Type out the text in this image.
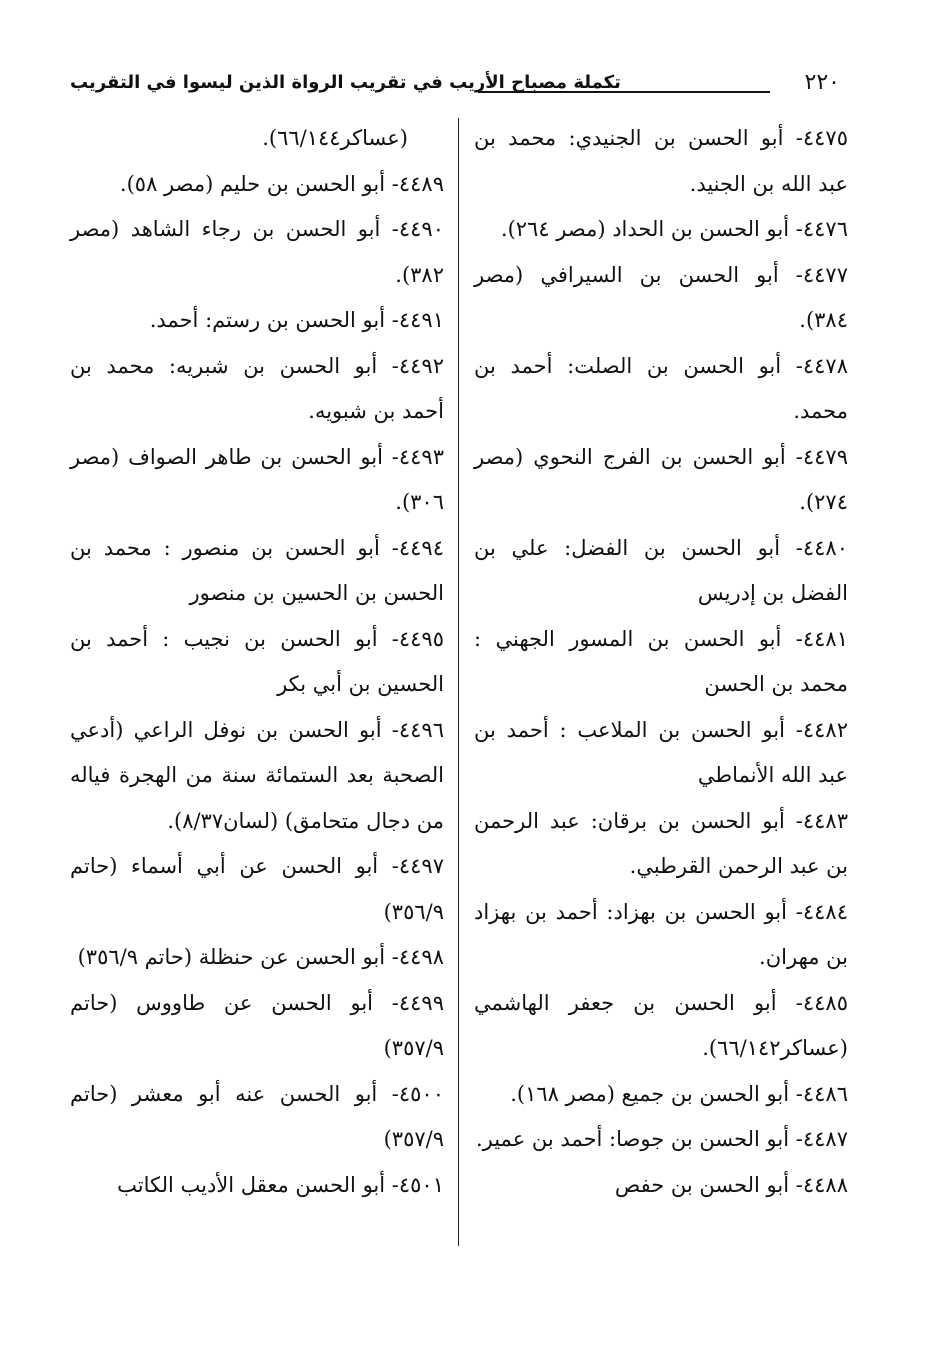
تكملة مصباح الأريب في تقريب الرواة الذين ليسوا في التقريب	٢٢٠

٤٤٧٥- أبو الحسن بن الجنيدي: محمد بن عبد الله بن الجنيد.

٤٤٧٦- أبو الحسن بن الحداد (مصر ٢٦٤).

٤٤٧٧- أبو الحسن بن السيرافي (مصر ٣٨٤).

٤٤٧٨- أبو الحسن بن الصلت: أحمد بن محمد.

٤٤٧٩- أبو الحسن بن الفرج النحوي (مصر ٢٧٤).

٤٤٨٠- أبو الحسن بن الفضل: علي بن الفضل بن إدريس

٤٤٨١- أبو الحسن بن المسور الجهني : محمد بن الحسن

٤٤٨٢- أبو الحسن بن الملاعب : أحمد بن عبد الله الأنماطي

٤٤٨٣- أبو الحسن بن برقان: عبد الرحمن بن عبد الرحمن القرطبي.

٤٤٨٤- أبو الحسن بن بهزاد: أحمد بن بهزاد بن مهران.

٤٤٨٥- أبو الحسن بن جعفر الهاشمي (عساكر٦٦/١٤٢).

٤٤٨٦- أبو الحسن بن جميع (مصر ١٦٨).

٤٤٨٧- أبو الحسن بن جوصا: أحمد بن عمير.

٤٤٨٨- أبو الحسن بن حفص

(عساكر٦٦/١٤٤).

٤٤٨٩- أبو الحسن بن حليم (مصر ٥٨).

٤٤٩٠- أبو الحسن بن رجاء الشاهد (مصر ٣٨٢).

٤٤٩١- أبو الحسن بن رستم: أحمد.

٤٤٩٢- أبو الحسن بن شبريه: محمد بن أحمد بن شبويه.

٤٤٩٣- أبو الحسن بن طاهر الصواف (مصر ٣٠٦).

٤٤٩٤- أبو الحسن بن منصور : محمد بن الحسن بن الحسين بن منصور

٤٤٩٥- أبو الحسن بن نجيب : أحمد بن الحسين بن أبي بكر

٤٤٩٦- أبو الحسن بن نوفل الراعي (أدعي الصحبة بعد الستمائة سنة من الهجرة فياله من دجال متحامق) (لسان٨/٣٧).

٤٤٩٧- أبو الحسن عن أبي أسماء (حاتم ٣٥٦/٩)

٤٤٩٨- أبو الحسن عن حنظلة (حاتم ٣٥٦/٩)

٤٤٩٩- أبو الحسن عن طاووس (حاتم ٣٥٧/٩)

٤٥٠٠- أبو الحسن عنه أبو معشر (حاتم ٣٥٧/٩)

٤٥٠١- أبو الحسن معقل الأديب الكاتب
